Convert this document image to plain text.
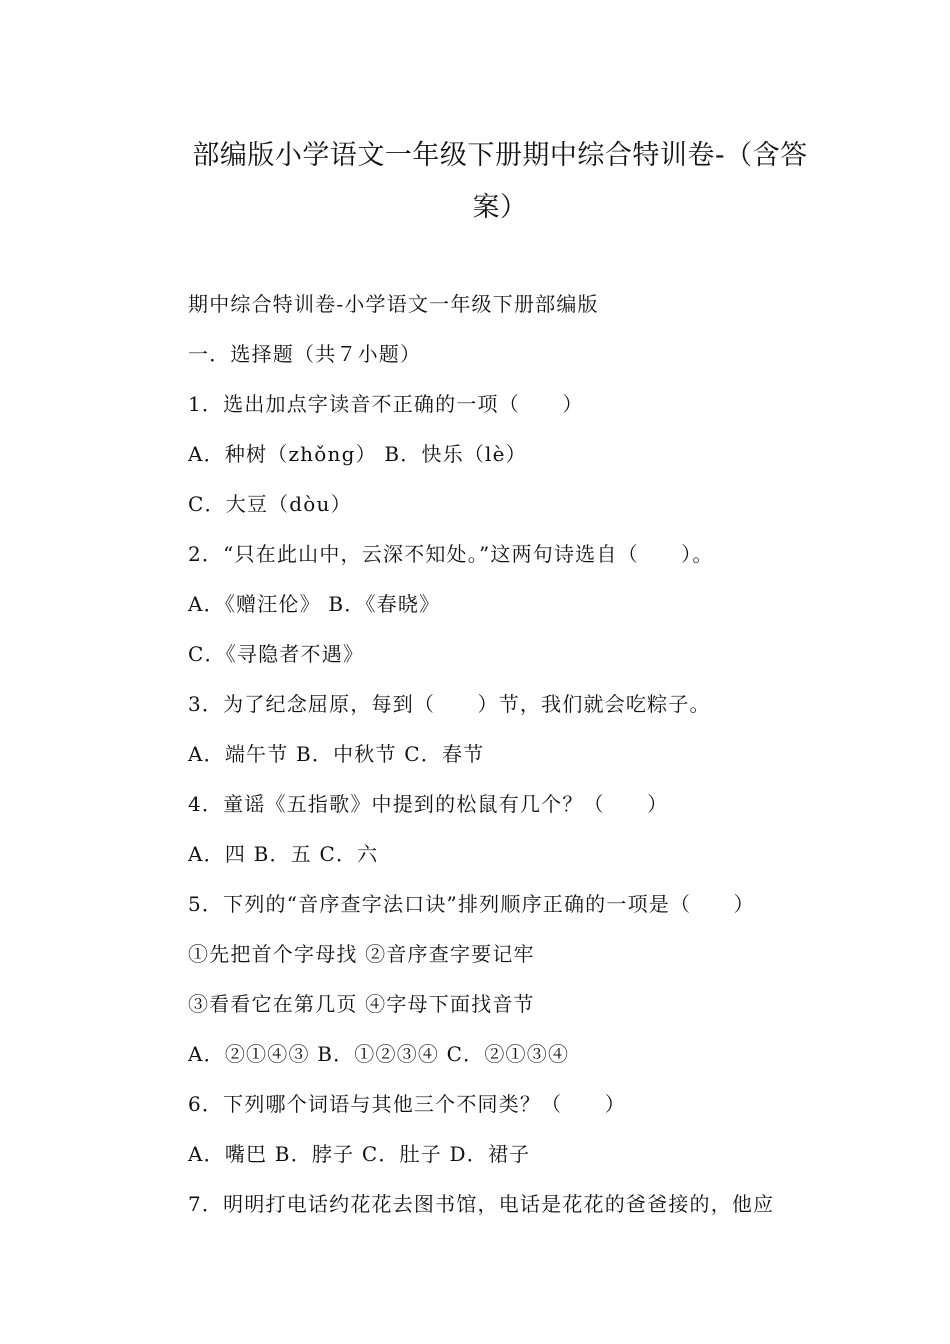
部编版小学语文一年级下册期中综合特训卷-（含答
案）

期中综合特训卷-小学语文一年级下册部编版

一．选择题（共７小题）

1．选出加点字读音不正确的一项（　　）

A．种树（zhǒng） B．快乐（lè）

C．大豆（dòu）

2．“只在此山中，云深不知处。”这两句诗选自（　　）。

A．《赠汪伦》 B．《春晓》

C．《寻隐者不遇》

3．为了纪念屈原，每到（　　）节，我们就会吃粽子。

A．端午节 B．中秋节 C．春节

4．童谣《五指歌》中提到的松鼠有几个？（　　）

A．四 B．五 C．六

5．下列的“音序查字法口诀”排列顺序正确的一项是（　　）

①先把首个字母找 ②音序查字要记牢

③看看它在第几页 ④字母下面找音节

A．②①④③ B．①②③④ C．②①③④

6．下列哪个词语与其他三个不同类？（　　）

A．嘴巴 B．脖子 C．肚子 D．裙子

7．明明打电话约花花去图书馆，电话是花花的爸爸接的，他应
